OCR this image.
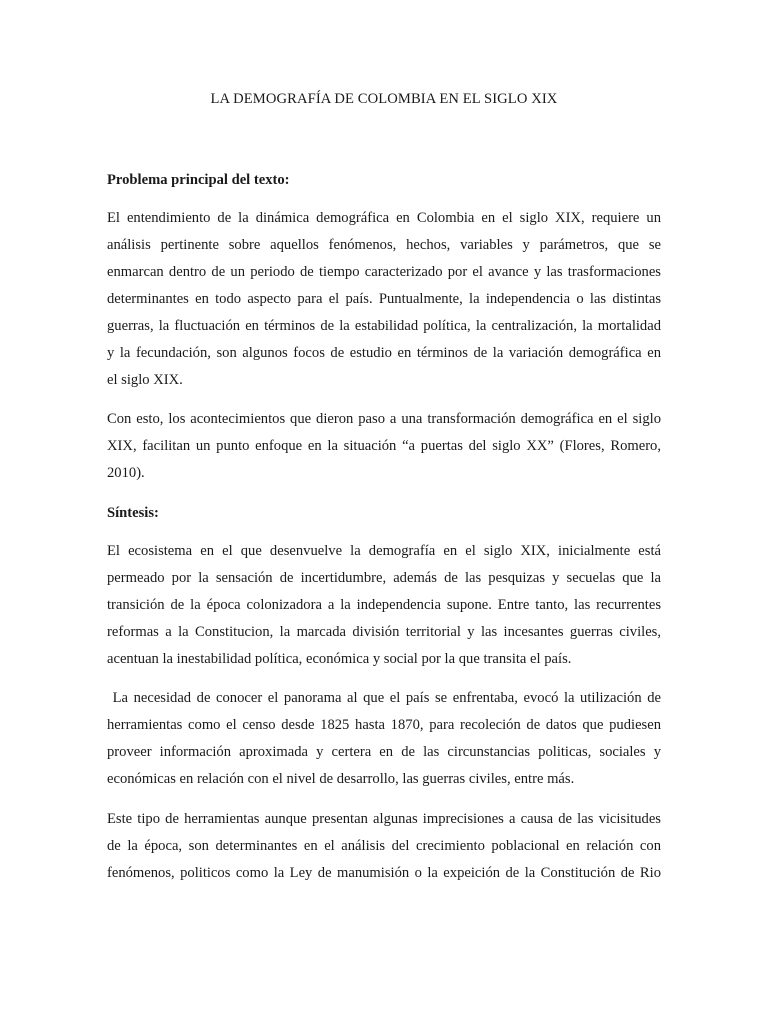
LA DEMOGRAFÍA DE COLOMBIA EN EL SIGLO XIX
Problema principal del texto:
El entendimiento de la dinámica demográfica en Colombia en el siglo XIX, requiere un
análisis pertinente sobre aquellos fenómenos, hechos, variables y parámetros, que se
enmarcan dentro de un periodo de tiempo caracterizado por el avance y las trasformaciones
determinantes en todo aspecto para el país. Puntualmente, la independencia o las distintas
guerras, la fluctuación en términos de la estabilidad política, la centralización, la mortalidad
y la fecundación, son algunos focos de estudio en términos de la variación demográfica en
el siglo XIX.
Con esto, los acontecimientos que dieron paso a una transformación demográfica en el siglo
XIX, facilitan un punto enfoque en la situación “a puertas del siglo XX” (Flores, Romero,
2010).
Síntesis:
El ecosistema en el que desenvuelve la demografía en el siglo XIX, inicialmente está
permeado por la sensación de incertidumbre, además de las pesquizas y secuelas que la
transición de la época colonizadora a la independencia supone. Entre tanto, las recurrentes
reformas a la Constitucion, la marcada división territorial y las incesantes guerras civiles,
acentuan la inestabilidad política, económica y social por la que transita el país.
La necesidad de conocer el panorama al que el país se enfrentaba, evocó la utilización de
herramientas como el censo desde 1825 hasta 1870, para recoleción de datos que pudiesen
proveer información aproximada y certera en de las circunstancias politicas, sociales y
económicas en relación con el nivel de desarrollo, las guerras civiles, entre más.
Este tipo de herramientas aunque presentan algunas imprecisiones a causa de las vicisitudes
de la época, son determinantes en el análisis del crecimiento poblacional en relación con
fenómenos, politicos como la Ley de manumisión o la expeición de la Constitución de Rio
